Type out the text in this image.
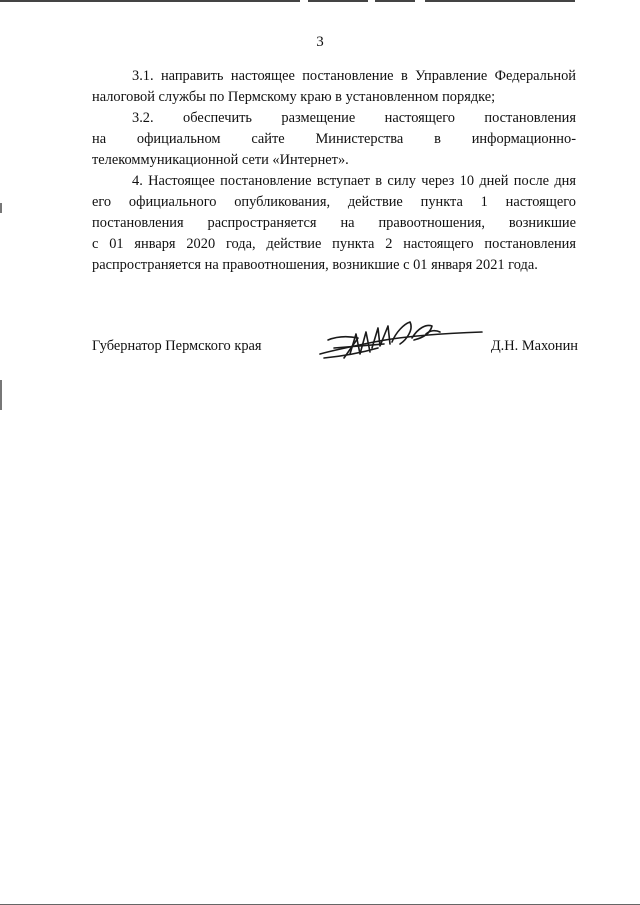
3

3.1. направить настоящее постановление в Управление Федеральной

налоговой службы по Пермскому краю в установленном порядке;

3.2. обеспечить размещение настоящего постановления

на официальном сайте Министерства в информационно-

телекоммуникационной сети «Интернет».

4. Настоящее постановление вступает в силу через 10 дней после дня

его официального опубликования, действие пункта 1 настоящего

постановления распространяется на правоотношения, возникшие

с 01 января 2020 года, действие пункта 2 настоящего постановления

распространяется на правоотношения, возникшие с 01 января 2021 года.

Губернатор Пермского края	Д.Н. Махонин
